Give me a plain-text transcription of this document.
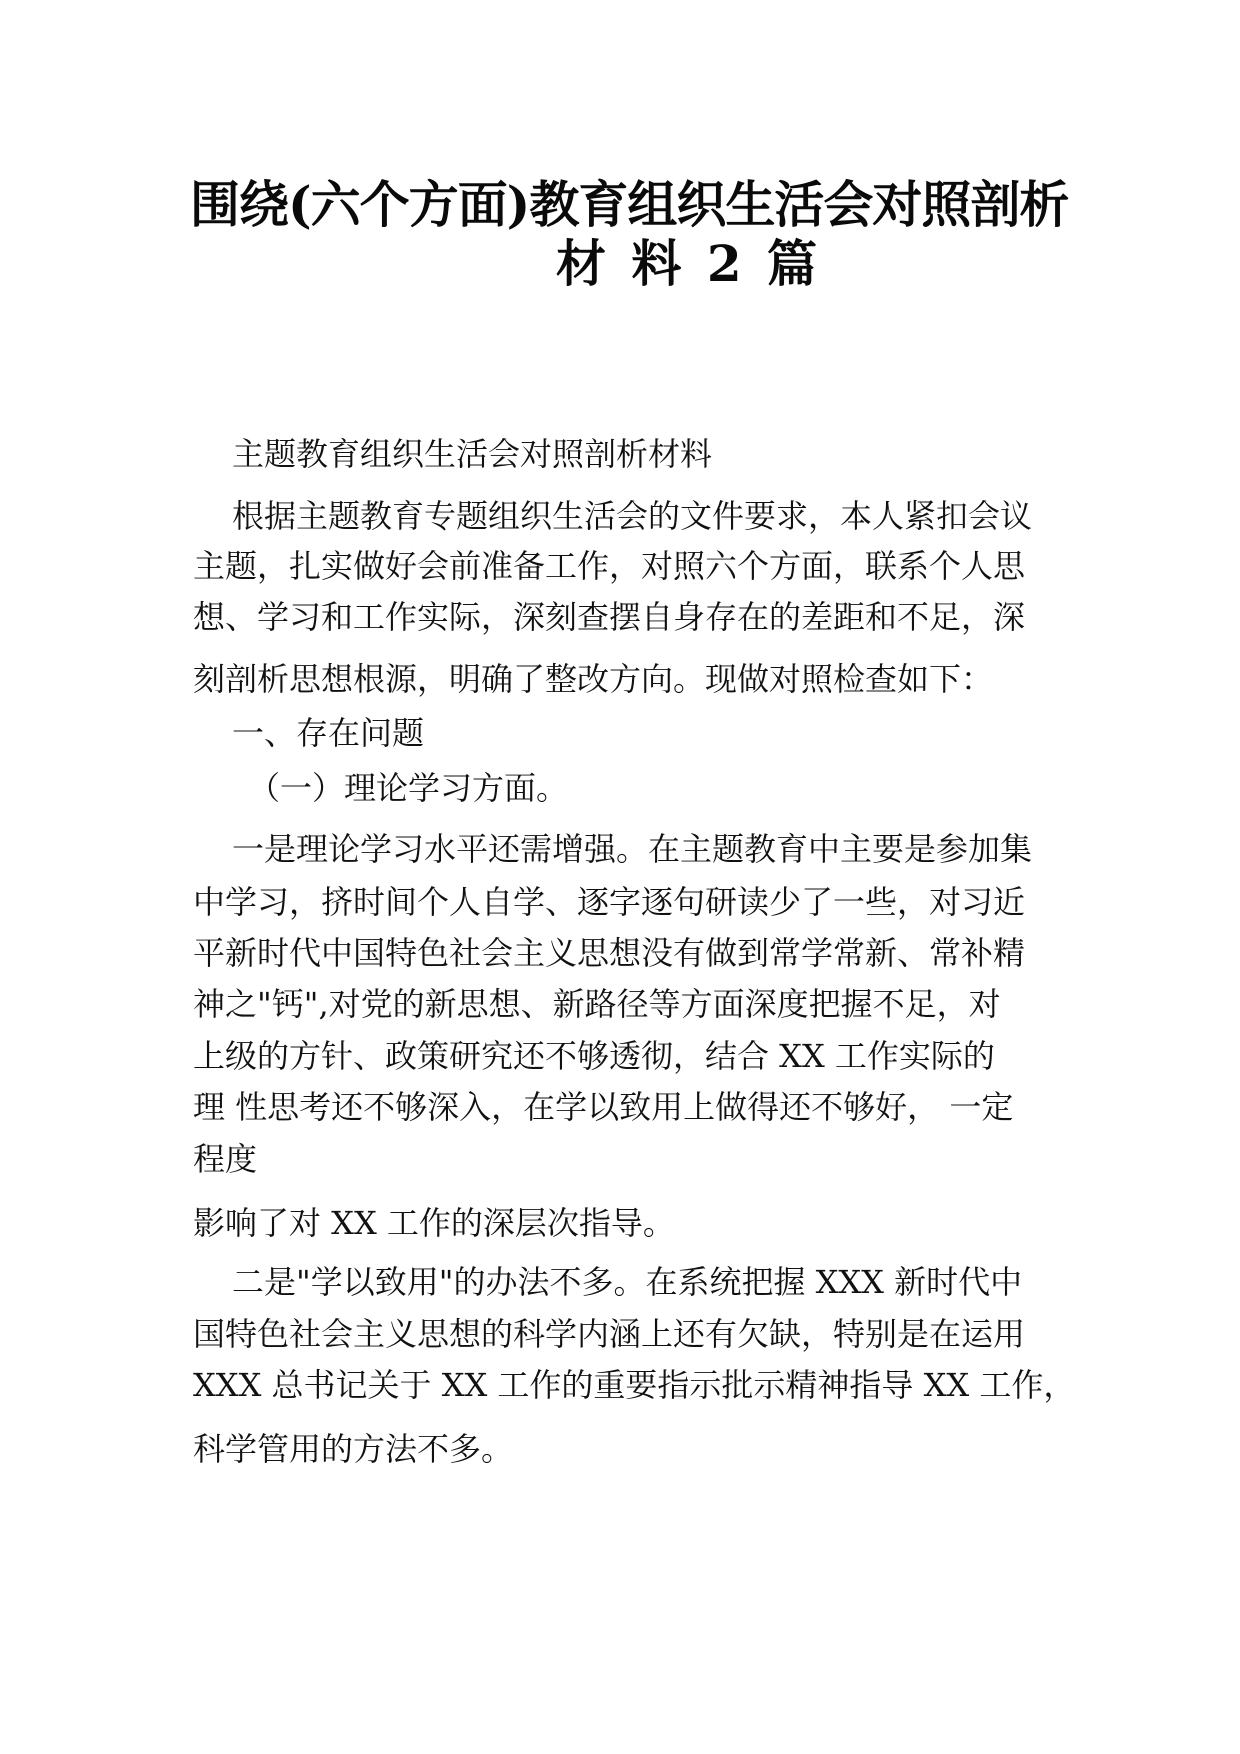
围绕(六个方面)教育组织生活会对照剖析
材 料 2 篇
主题教育组织生活会对照剖析材料
根据主题教育专题组织生活会的文件要求，本人紧扣会议
主题，扎实做好会前准备工作，对照六个方面，联系个人思
想、学习和工作实际，深刻查摆自身存在的差距和不足，深
刻剖析思想根源，明确了整改方向。现做对照检查如下：
一、存在问题
（一）理论学习方面。
一是理论学习水平还需增强。在主题教育中主要是参加集
中学习，挤时间个人自学、逐字逐句研读少了一些，对习近
平新时代中国特色社会主义思想没有做到常学常新、常补精
神之"钙",对党的新思想、新路径等方面深度把握不足，对
上级的方针、政策研究还不够透彻，结合 XX 工作实际的
理 性思考还不够深入，在学以致用上做得还不够好， 一定
程度
影响了对 XX 工作的深层次指导。
二是"学以致用"的办法不多。在系统把握 XXX 新时代中
国特色社会主义思想的科学内涵上还有欠缺，特别是在运用
XXX 总书记关于 XX 工作的重要指示批示精神指导 XX 工作，
科学管用的方法不多。
